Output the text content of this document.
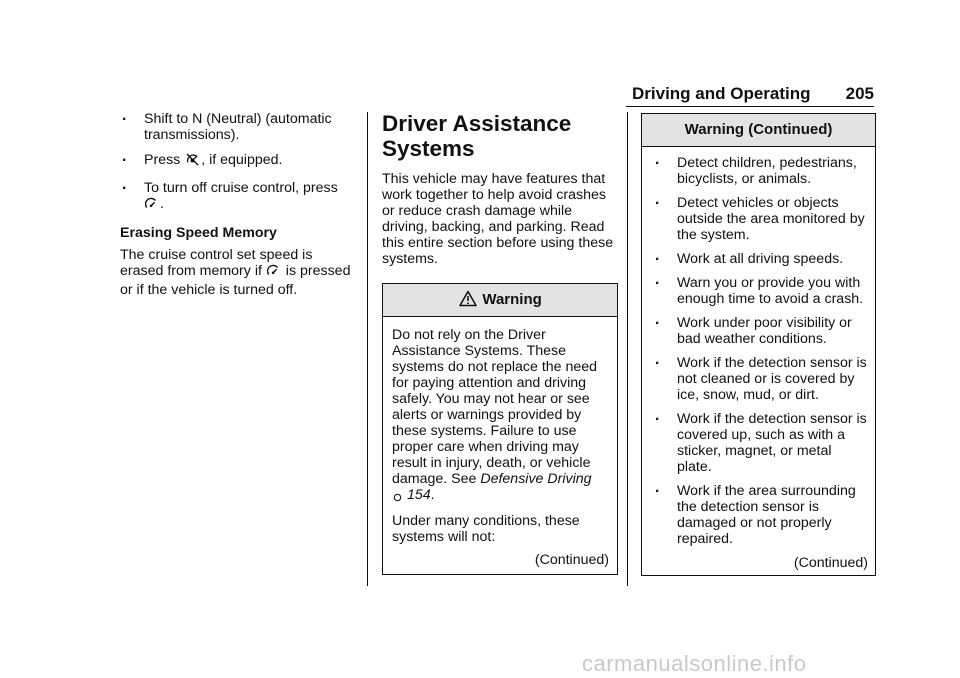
Driving and Operating 205
. Shift to N (Neutral) (automatic transmissions).
. Press , if equipped.
. To turn off cruise control, press .
Erasing Speed Memory

The cruise control set speed is erased from memory if  is pressed or if the vehicle is turned off.

Driver Assistance Systems

This vehicle may have features that work together to help avoid crashes or reduce crash damage while driving, backing, and parking. Read this entire section before using these systems.

Warning

Do not rely on the Driver Assistance Systems. These systems do not replace the need for paying attention and driving safely. You may not hear or see alerts or warnings provided by these systems. Failure to use proper care when driving may result in injury, death, or vehicle damage. See Defensive Driving
154.

Under many conditions, these systems will not:

(Continued)
Warning (Continued)
. Detect children, pedestrians, bicyclists, or animals.
. Detect vehicles or objects outside the area monitored by the system.
. Work at all driving speeds.
. Warn you or provide you with enough time to avoid a crash.
. Work under poor visibility or bad weather conditions.
. Work if the detection sensor is not cleaned or is covered by ice, snow, mud, or dirt.
. Work if the detection sensor is covered up, such as with a sticker, magnet, or metal plate.
. Work if the area surrounding the detection sensor is damaged or not properly repaired.
(Continued)
carmanualsonline.info
